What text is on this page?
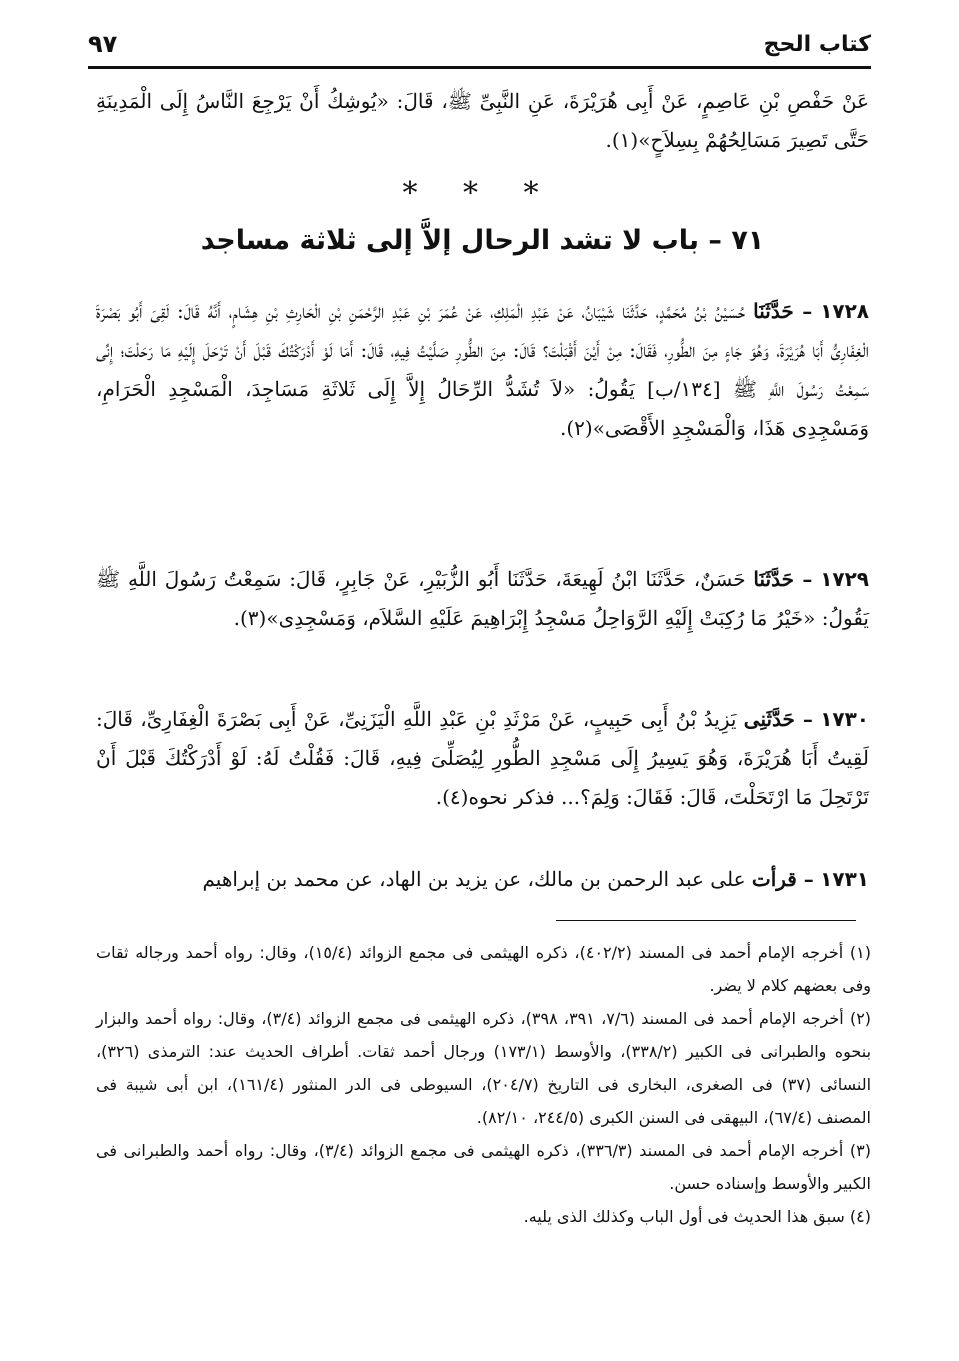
كتاب الحج
٩٧
عَنْ حَفْصِ بْنِ عَاصِمٍ، عَنْ أَبِى هُرَيْرَةَ، عَنِ النَّبِىِّ ﷺ، قَالَ: «يُوشِكُ أَنْ يَرْجِعَ النَّاسُ إِلَى الْمَدِينَةِ حَتَّى تَصِيرَ مَسَالِحُهُمْ بِسِلاَحٍ»(١).
* * *
٧١ – باب لا تشد الرحال إلاَّ إلى ثلاثة مساجد
١٧٢٨ – حَدَّثَنَا حُسَيْنُ بْنُ مُحَمَّدٍ، حَدَّثَنَا شَيْبَانُ، عَنْ عَبْدِ الْمَلِكِ، عَنْ عُمَرَ بْنِ عَبْدِ الرَّحْمَنِ بْنِ الْحَارِثِ بْنِ هِشَامٍ، أَنَّهُ قَالَ: لَقِىَ أَبُو بَصْرَةَ الْغِفَارِىُّ أَبَا هُرَيْرَةَ، وَهُوَ جَاءٍ مِنَ الطُّورِ، فَقَالَ: مِنْ أَيْنَ أَقْبَلْتَ؟ قَالَ: مِنَ الطُّورِ صَلَّيْتُ فِيهِ، قَالَ: أَمَا لَوْ أَدْرَكْتُكَ قَبْلَ أَنْ تَرْحَلَ إِلَيْهِ مَا رَحَلْتَ؛ إِنِّى سَمِعْتُ رَسُولَ اللَّهِ ﷺ [١٣٤/ب] يَقُولُ: «لاَ تُشَدُّ الرِّحَالُ إِلاَّ إِلَى ثَلاثَةِ مَسَاجِدَ، الْمَسْجِدِ الْحَرَامِ، وَمَسْجِدِى هَذَا، وَالْمَسْجِدِ الأَقْصَى»(٢).
١٧٢٩ – حَدَّثَنَا حَسَنٌ، حَدَّثَنَا ابْنُ لَهِيعَةَ، حَدَّثَنَا أَبُو الزُّبَيْرِ، عَنْ جَابِرٍ، قَالَ: سَمِعْتُ رَسُولَ اللَّهِ ﷺ يَقُولُ: «خَيْرُ مَا رُكِبَتْ إِلَيْهِ الرَّوَاحِلُ مَسْجِدُ إِبْرَاهِيمَ عَلَيْهِ السَّلاَم، وَمَسْجِدِى»(٣).
١٧٣٠ – حَدَّثَنِى يَزِيدُ بْنُ أَبِى حَبِيبٍ، عَنْ مَرْثَدِ بْنِ عَبْدِ اللَّهِ الْيَزَنِىِّ، عَنْ أَبِى بَصْرَةَ الْغِفَارِىِّ، قَالَ: لَقِيتُ أَبَا هُرَيْرَةَ، وَهُوَ يَسِيرُ إِلَى مَسْجِدِ الطُّورِ لِيُصَلِّىَ فِيهِ، قَالَ: فَقُلْتُ لَهُ: لَوْ أَدْرَكْتُكَ قَبْلَ أَنْ تَرْتَحِلَ مَا ارْتَحَلْتَ، قَالَ: فَقَالَ: وَلِمَ؟... فذكر نحوه(٤).
١٧٣١ – قرأت على عبد الرحمن بن مالك، عن يزيد بن الهاد، عن محمد بن إبراهيم

(١) أخرجه الإمام أحمد فى المسند (٤٠٢/٢)، ذكره الهيثمى فى مجمع الزوائد (١٥/٤)، وقال: رواه أحمد ورجاله ثقات وفى بعضهم كلام لا يضر.

(٢) أخرجه الإمام أحمد فى المسند (٧/٦، ٣٩١، ٣٩٨)، ذكره الهيثمى فى مجمع الزوائد (٣/٤)، وقال: رواه أحمد والبزار بنحوه والطبرانى فى الكبير (٣٣٨/٢)، والأوسط (١٧٣/١) ورجال أحمد ثقات. أطراف الحديث عند: الترمذى (٣٢٦)، النسائى (٣٧) فى الصغرى، البخارى فى التاريخ (٢٠٤/٧)، السيوطى فى الدر المنثور (١٦١/٤)، ابن أبى شيبة فى المصنف (٦٧/٤)، البيهقى فى السنن الكبرى (٢٤٤/٥، ٨٢/١٠).

(٣) أخرجه الإمام أحمد فى المسند (٣٣٦/٣)، ذكره الهيثمى فى مجمع الزوائد (٣/٤)، وقال: رواه أحمد والطبرانى فى الكبير والأوسط وإسناده حسن.

(٤) سبق هذا الحديث فى أول الباب وكذلك الذى يليه.
